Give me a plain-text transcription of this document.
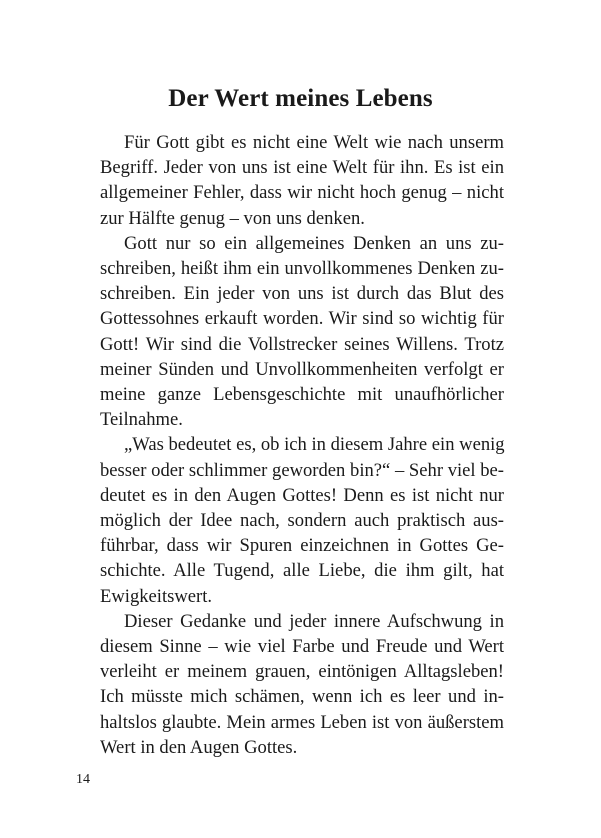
Der Wert meines Lebens
Für Gott gibt es nicht eine Welt wie nach unserm
Begriff. Jeder von uns ist eine Welt für ihn. Es ist ein
allgemeiner Fehler, dass wir nicht hoch genug – nicht
zur Hälfte genug – von uns denken.
Gott nur so ein allgemeines Denken an uns zu-
schreiben, heißt ihm ein unvollkommenes Denken zu-
schreiben. Ein jeder von uns ist durch das Blut des
Gottessohnes erkauft worden. Wir sind so wichtig für
Gott! Wir sind die Vollstrecker seines Willens. Trotz
meiner Sünden und Unvollkommenheiten verfolgt er
meine ganze Lebensgeschichte mit unaufhörlicher
Teilnahme.
„Was bedeutet es, ob ich in diesem Jahre ein wenig
besser oder schlimmer geworden bin?“ – Sehr viel be-
deutet es in den Augen Gottes! Denn es ist nicht nur
möglich der Idee nach, sondern auch praktisch aus-
führbar, dass wir Spuren einzeichnen in Gottes Ge-
schichte. Alle Tugend, alle Liebe, die ihm gilt, hat
Ewigkeitswert.
Dieser Gedanke und jeder innere Aufschwung in
diesem Sinne – wie viel Farbe und Freude und Wert
verleiht er meinem grauen, eintönigen Alltagsleben!
Ich müsste mich schämen, wenn ich es leer und in-
haltslos glaubte. Mein armes Leben ist von äußerstem
Wert in den Augen Gottes.
14
